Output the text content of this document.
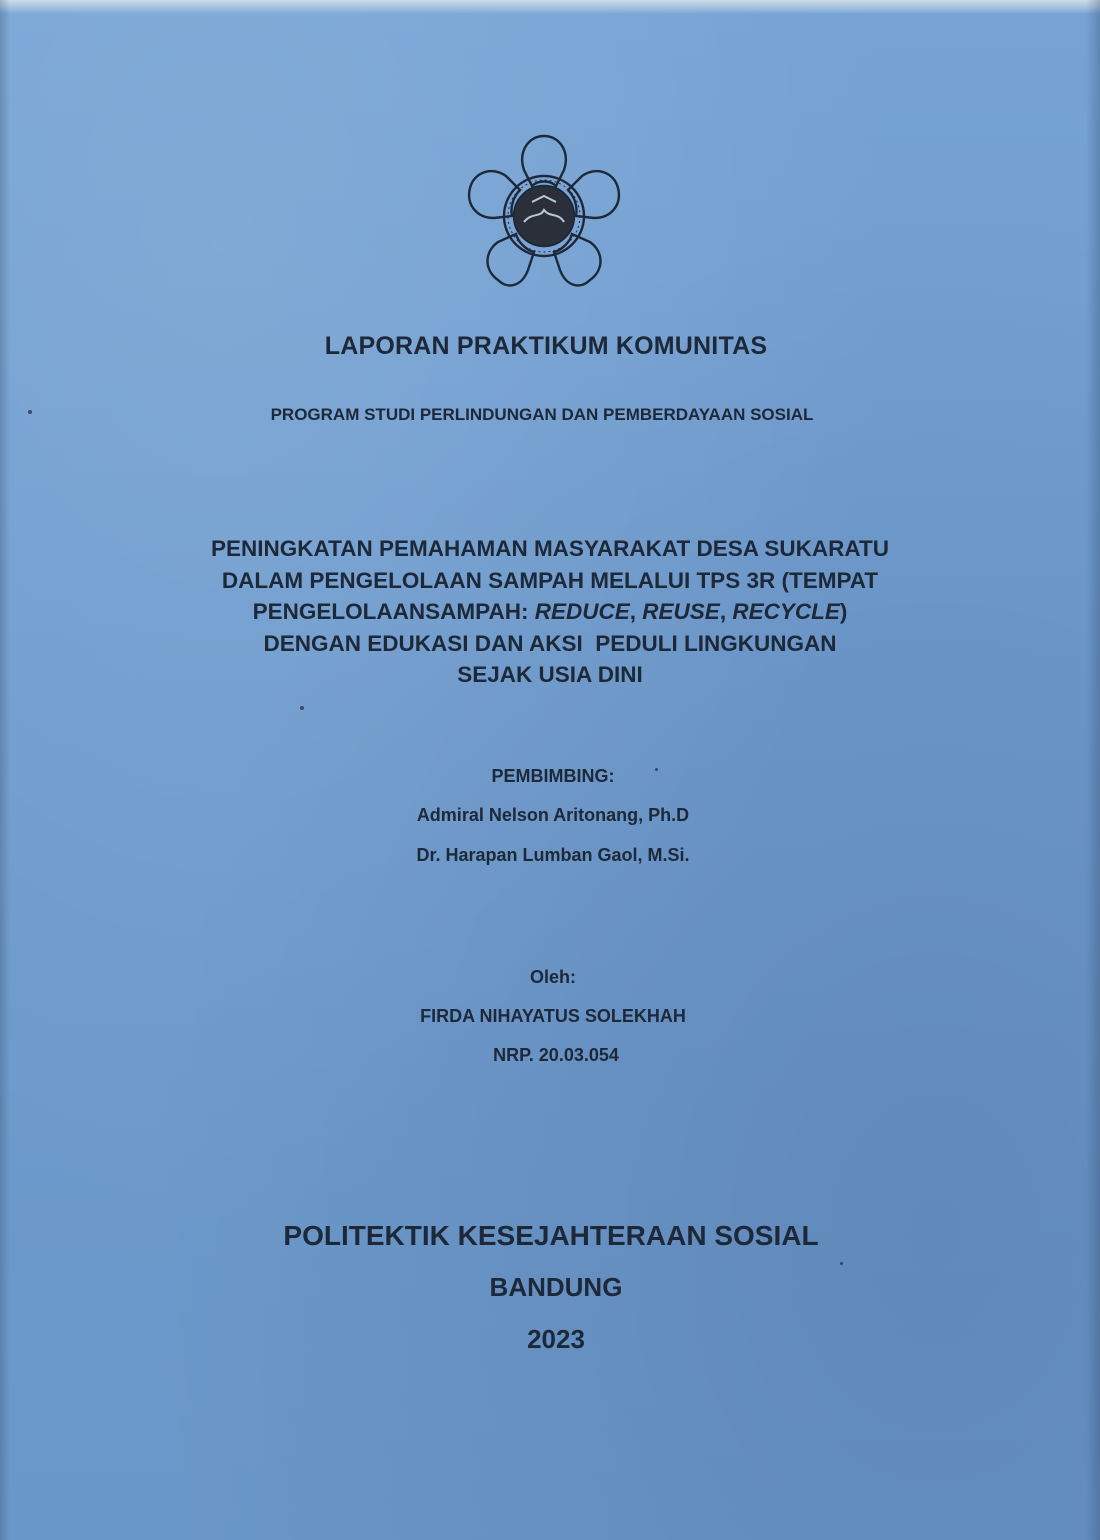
LAPORAN PRAKTIKUM KOMUNITAS
PROGRAM STUDI PERLINDUNGAN DAN PEMBERDAYAAN SOSIAL
PENINGKATAN PEMAHAMAN MASYARAKAT DESA SUKARATU
DALAM PENGELOLAAN SAMPAH MELALUI TPS 3R (TEMPAT
PENGELOLAANSAMPAH: REDUCE, REUSE, RECYCLE)
DENGAN EDUKASI DAN AKSI  PEDULI LINGKUNGAN
SEJAK USIA DINI
PEMBIMBING:
Admiral Nelson Aritonang, Ph.D
Dr. Harapan Lumban Gaol, M.Si.
Oleh:
FIRDA NIHAYATUS SOLEKHAH
NRP. 20.03.054
POLITEKTIK KESEJAHTERAAN SOSIAL
BANDUNG
2023
